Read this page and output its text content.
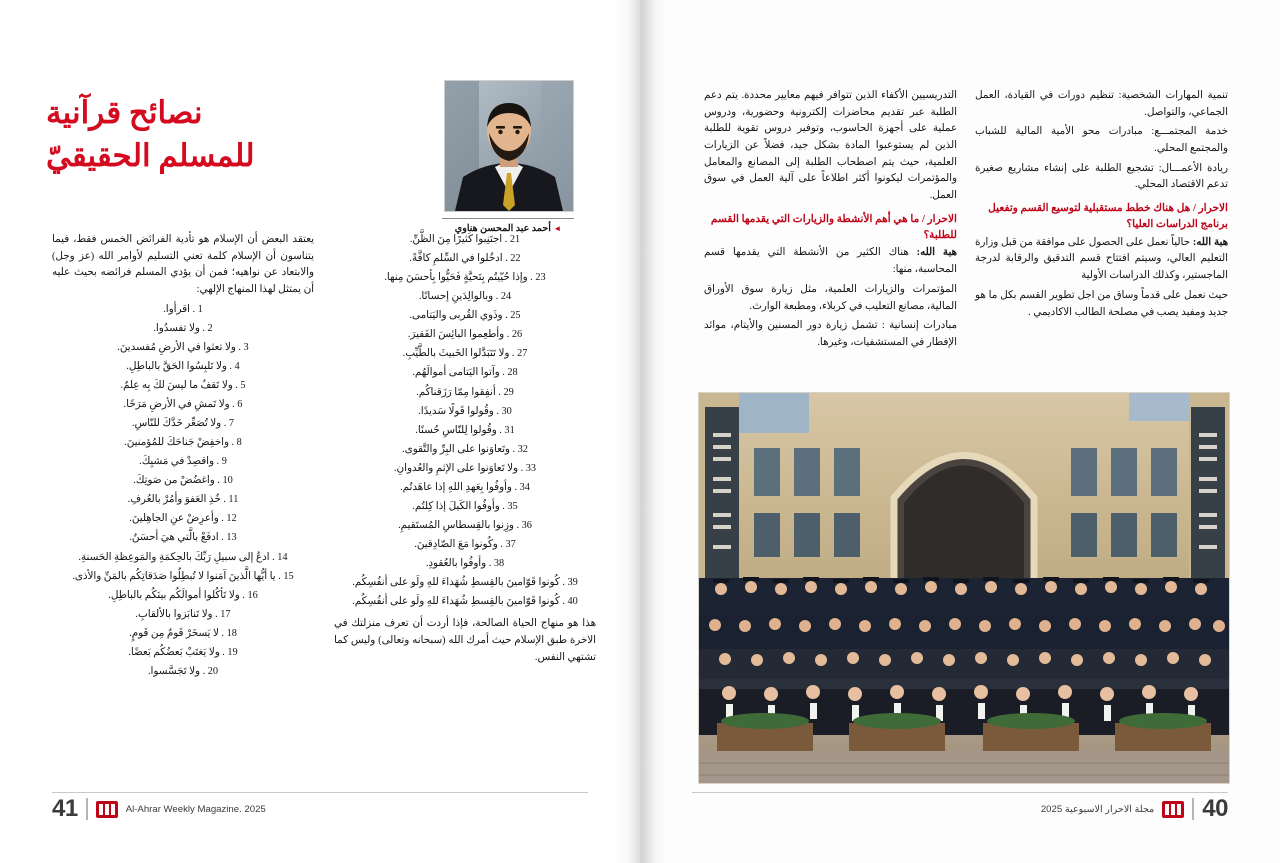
تنمية المهارات الشخصية: تنظيم دورات في القيادة، العمل الجماعي، والتواصل.

خدمة المجتمـــع: مبادرات محو الأمية المالية للشباب والمجتمع المحلي.

ريادة الأعمـــال: تشجيع الطلبة على إنشاء مشاريع صغيرة تدعم الاقتصاد المحلي.

الاحرار / هل هناك خطط مستقبلية لتوسيع القسم وتفعيل برنامج الدراسات العليا؟

هبة الله: حالياً نعمل على الحصول على موافقة من قبل وزارة التعليم العالي، وسيتم افتتاح قسم التدقيق والرقابة لدرجة الماجستير، وكذلك الدراسات الأولية

حيث نعمل على قدماً وساق من اجل تطوير القسم بكل ما هو جديد ومفيد يصب في مصلحة الطالب الاكاديمي .

التدريسيين الأكفاء الذين تتوافر فيهم معايير محددة. يتم دعم الطلبة عبر تقديم محاضرات إلكترونية وحضورية، ودروس عملية على أجهزة الحاسوب، وتوفير دروس تقوية للطلبة الذين لم يستوعبوا المادة بشكل جيد، فضلاً عن الزيارات العلمية، حيث يتم اصطحاب الطلبة إلى المصانع والمعامل والمؤتمرات ليكونوا أكثر اطلاعاً على آلية العمل في سوق العمل.

الاحرار / ما هي أهم الأنشطة والزيارات التي يقدمها القسم للطلبة؟

هبة الله: هناك الكثير من الأنشطة التي يقدمها قسم المحاسبة، منها:

المؤتمرات والزيارات العلمية، مثل زيارة سوق الأوراق المالية، مصانع التعليب في كربلاء، ومطبعة الوارث.

مبادرات إنسانية : تشمل زيارة دور المسنين والأيتام، موائد الإفطار في المستشفيات، وغيرها.

40
مجلة الاحرار الاسبوعية 2025
◄ أحمد عبد المحسن هناوي
نصائح قرآنية
للمسلم الحقيقيّ

21 . اجتَنِبوا كَثيرًا مِنَ الظَّنِّ.

22 . ادخُلوا في السِّلمِ كافَّةً.

23 . وإذا حُيّيتُم بِتَحيَّةٍ فَحَيُّوا بِأحسَنَ مِنها.

24 . وبالوالِدَينِ إحسانًا.

25 . وذَوي القُربى واليَتامى.

26 . وأطعِموا البائِسَ الفَقيرَ.

27 . ولا تَتَبَدَّلوا الخَبيثَ بالطَّيِّبِ.

28 . وآتوا اليَتامى أموالَهُم.

29 . أنفِقوا مِمّا رَزَقناكُم.

30 . وقُولوا قَولًا سَديدًا.

31 . وقُولوا لِلنّاسِ حُسنًا.

32 . وتَعاوَنوا على البِرِّ والتَّقوى.

33 . ولا تَعاوَنوا على الإثمِ والعُدوانِ.

34 . وأوفُوا بِعَهدِ اللهِ إذا عاهَدتُم.

35 . وأوفُوا الكَيلَ إذا كِلتُم.

36 . وزِنوا بالقِسطاسِ المُستَقيمِ.

37 . وكُونوا مَعَ الصّادِقينَ.

38 . وأوفُوا بالعُقودِ.

39 . كُونوا قَوّامينَ بالقِسطِ شُهَداءَ للهِ ولَو على أنفُسِكُم.

40 . كُونوا قَوّامينَ بالقِسطِ شُهَداءَ للهِ ولَو على أنفُسِكُم.

هذا هو منهاج الحياة الصالحة، فإذا أردت أن تعرف منزلتك في الاخرة طبق الإسلام حيث أمرك الله (سبحانه وتعالى) وليس كما تشتهي النفس.

يعتقد البعض أن الإسلام هو تأدية الفرائض الخمس فقط، فيما يتناسون أن الإسلام كلمة تعني التسليم لأوامر الله (عز وجل) والابتعاد عن نواهيه؛ فمن أن يؤدي المسلم فرائضه بحيث عليه أن يمتثل لهذا المنهاج الإلهي:

1 . اقرأوا.

2 . ولا تفسدُوا.

3 . ولا تعثوا في الأرضِ مُفسدينَ.

4 . ولا تَلبِسُوا الحَقَّ بالباطِلِ.

5 . ولا تَقفُ ما ليسَ لكَ بِه عِلمٌ.

6 . ولا تَمشِ في الأرضِ مَرَحًا.

7 . ولا تُصَعِّر خَدَّكَ للنّاسِ.

8 . واخفِضْ جَناحَكَ للمُؤمنينَ.

9 . واقصِدْ في مَشيِكَ.

10 . واغضُضْ من صَوتِكَ.

11 . خُذِ العَفوَ وأمُرْ بالعُرفِ.

12 . وأعرِضْ عنِ الجاهِلينَ.

13 . ادفَعْ بالَّتي هيَ أحسَنُ.

14 . ادعُ إلى سبيلِ رَبِّكَ بالحِكمَةِ والمَوعِظةِ الحَسنةِ.

15 . يا أيُّها الَّذينَ آمَنوا لا تُبطِلُوا صَدَقاتِكُم بالمَنِّ والأذى.

16 . ولا تَأكُلوا أموالَكُم بينَكُم بالباطِلِ.

17 . ولا تَنابَزوا بالألقابِ.

18 . لا يَسخَرْ قَومٌ مِن قَومٍ.

19 . ولا يَغتَبْ بَعضُكُم بَعضًا.

20 . ولا تَجَسَّسوا.

41	Al-Ahrar Weekly Magazine. 2025
